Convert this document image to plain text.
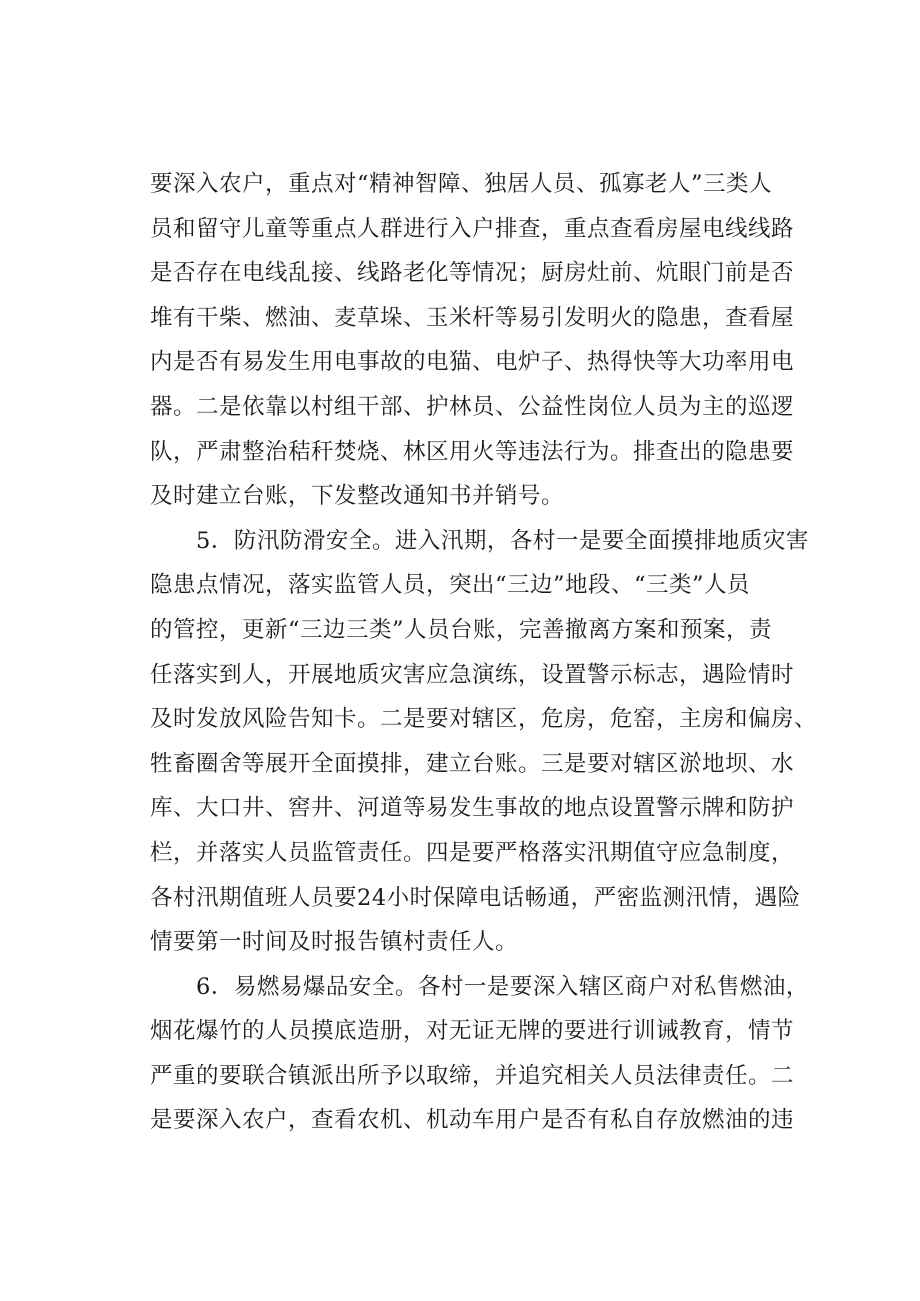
要深入农户，重点对“精神智障、独居人员、孤寡老人”三类人
员和留守儿童等重点人群进行入户排查，重点查看房屋电线线路
是否存在电线乱接、线路老化等情况；厨房灶前、炕眼门前是否
堆有干柴、燃油、麦草垛、玉米杆等易引发明火的隐患，查看屋
内是否有易发生用电事故的电猫、电炉子、热得快等大功率用电
器。二是依靠以村组干部、护林员、公益性岗位人员为主的巡逻
队，严肃整治秸秆焚烧、林区用火等违法行为。排查出的隐患要
及时建立台账，下发整改通知书并销号。
5．防汛防滑安全。进入汛期，各村一是要全面摸排地质灾害
隐患点情况，落实监管人员，突出“三边”地段、“三类”人员
的管控，更新“三边三类”人员台账，完善撤离方案和预案，责
任落实到人，开展地质灾害应急演练，设置警示标志，遇险情时
及时发放风险告知卡。二是要对辖区，危房，危窑，主房和偏房、
牲畜圈舍等展开全面摸排，建立台账。三是要对辖区淤地坝、水
库、大口井、窖井、河道等易发生事故的地点设置警示牌和防护
栏，并落实人员监管责任。四是要严格落实汛期值守应急制度，
各村汛期值班人员要24小时保障电话畅通，严密监测汛情，遇险
情要第一时间及时报告镇村责任人。
6．易燃易爆品安全。各村一是要深入辖区商户对私售燃油，
烟花爆竹的人员摸底造册，对无证无牌的要进行训诫教育，情节
严重的要联合镇派出所予以取缔，并追究相关人员法律责任。二
是要深入农户，查看农机、机动车用户是否有私自存放燃油的违
